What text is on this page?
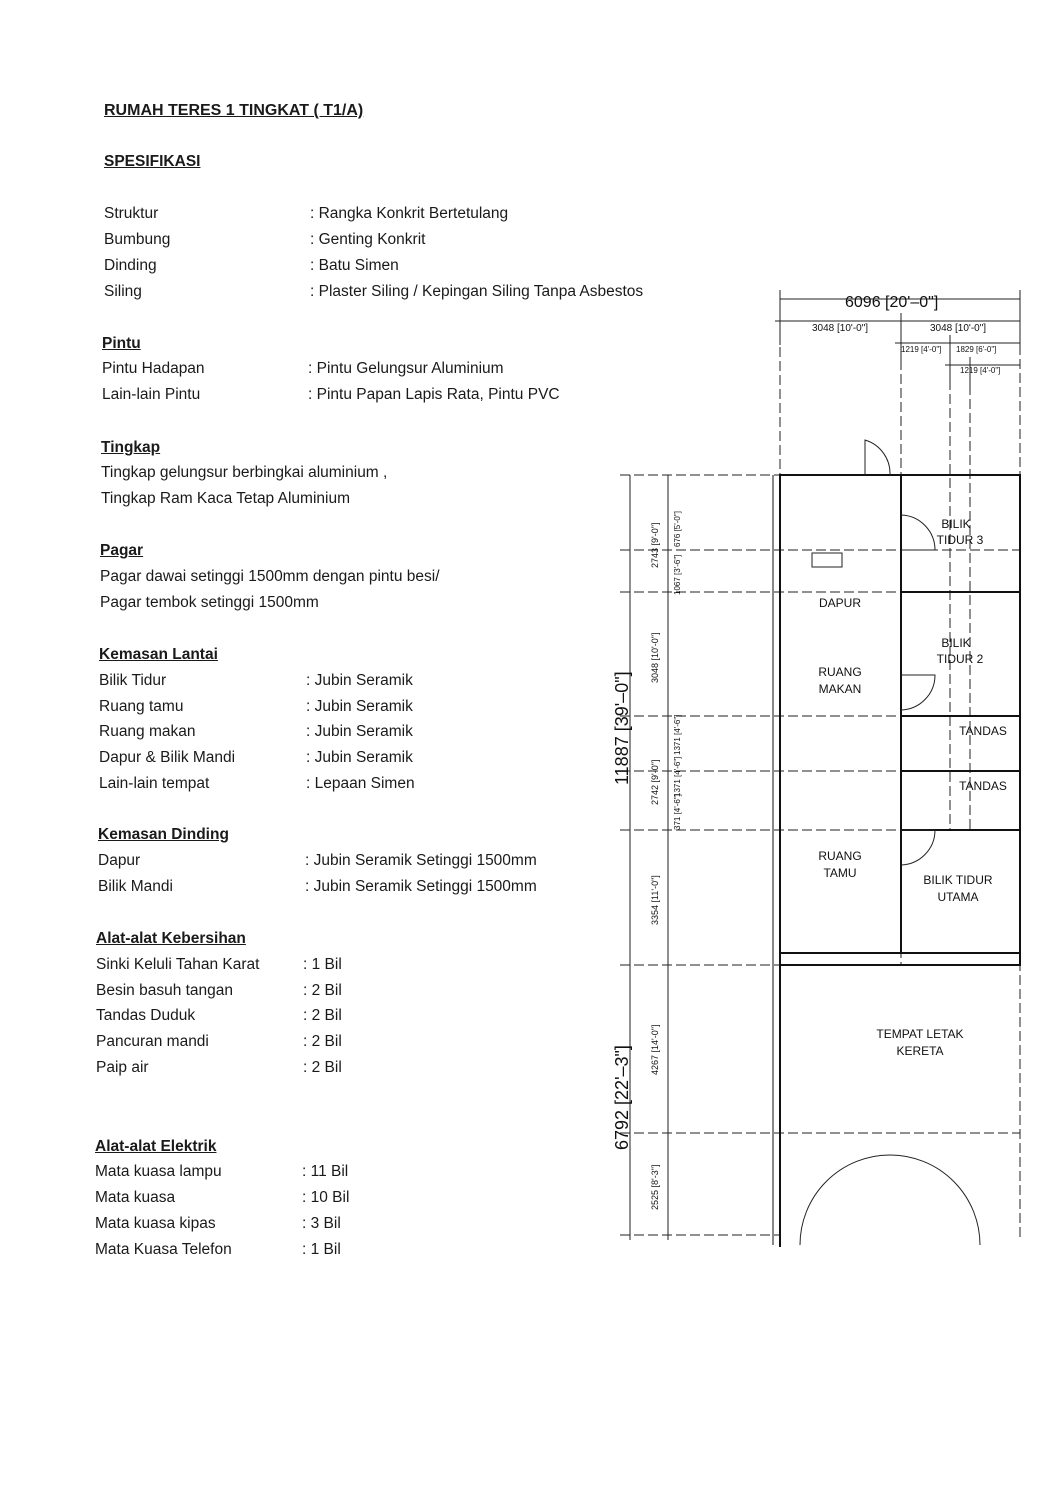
RUMAH TERES 1 TINGKAT ( T1/A)
SPESIFIKASI
Struktur	: Rangka Konkrit Bertetulang
Bumbung	: Genting Konkrit
Dinding	: Batu Simen
Siling	: Plaster Siling / Kepingan Siling Tanpa Asbestos
Pintu
Pintu Hadapan	: Pintu Gelungsur Aluminium
Lain-lain Pintu	: Pintu Papan Lapis Rata, Pintu PVC
Tingkap
Tingkap gelungsur berbingkai aluminium ,
Tingkap Ram Kaca Tetap Aluminium
Pagar
Pagar dawai setinggi 1500mm dengan pintu besi/
Pagar tembok setinggi 1500mm
Kemasan Lantai
Bilik Tidur	: Jubin Seramik
Ruang tamu	: Jubin Seramik
Ruang makan	: Jubin Seramik
Dapur & Bilik Mandi	: Jubin Seramik
Lain-lain tempat	: Lepaan Simen
Kemasan Dinding
Dapur	: Jubin Seramik Setinggi 1500mm
Bilik Mandi	: Jubin Seramik Setinggi 1500mm
Alat-alat Kebersihan
Sinki Keluli Tahan Karat	: 1 Bil
Besin basuh tangan	: 2 Bil
Tandas Duduk	: 2 Bil
Pancuran mandi	: 2 Bil
Paip air	: 2 Bil
Alat-alat Elektrik
Mata kuasa lampu	: 11 Bil
Mata kuasa	: 10 Bil
Mata kuasa kipas	: 3 Bil
Mata Kuasa Telefon	: 1 Bil
6096 [20'–0"]
3048 [10'-0"]	3048 [10'-0"]
1219 [4'-0"] 1829 [6'-0"]
1219 [4'-0"]
11887 [39'–0"]
6792 [22'–3"]
2743 [9'-0"] 676 [5'-0"]
1067 [3'-6"]
3048 [10'-0"]
2742 [9'-0"]
1371 [4'-6"]
1371 [4'-6"]
371 [4'-6"]
3354 [11'-0"]
4267 [14'-0"]
2525 [8'-3"]
BILIK
TIDUR 3
DAPUR
BILIK
TIDUR 2
RUANG
MAKAN
TANDAS
TANDAS
RUANG
TAMU	BILIK TIDUR
UTAMA
TEMPAT LETAK
KERETA
